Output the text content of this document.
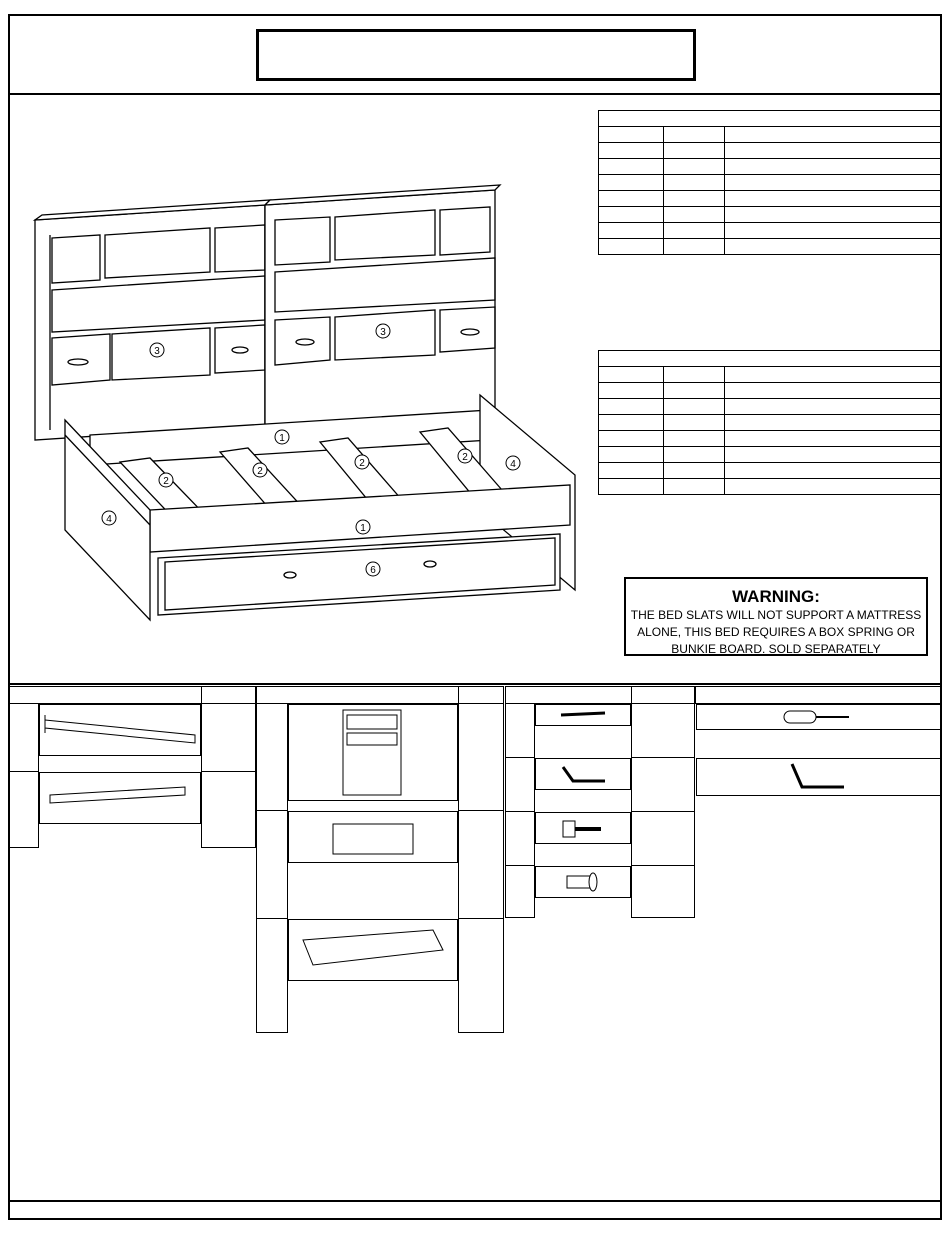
3
3
1
2
2
2
2
4
4
1
6

WARNING:
THE BED SLATS WILL NOT SUPPORT A MATTRESS
ALONE, THIS BED REQUIRES A BOX SPRING OR
BUNKIE BOARD. SOLD SEPARATELY
